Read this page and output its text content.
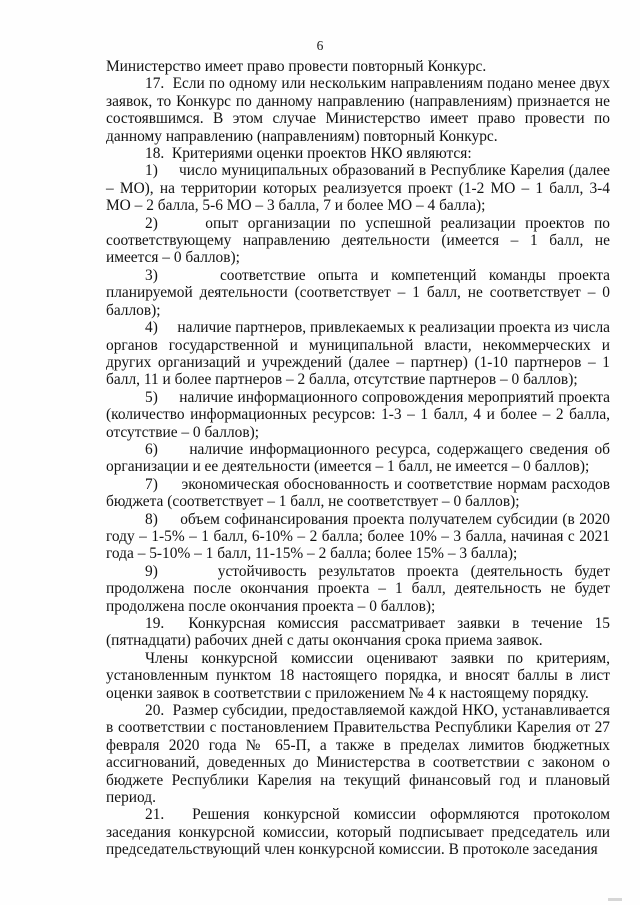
6

Министерство имеет право провести повторный Конкурс.

17.  Если по одному или нескольким направлениям подано менее двух заявок, то Конкурс по данному направлению (направлениям) признается не состоявшимся. В этом случае Министерство имеет право провести по данному направлению (направлениям) повторный Конкурс.

18.  Критериями оценки проектов НКО являются:

1)     число муниципальных образований в Республике Карелия (далее – МО), на территории которых реализуется проект (1-2 МО – 1 балл, 3-4 МО – 2 балла, 5-6 МО – 3 балла, 7 и более МО – 4 балла);

2)     опыт организации по успешной реализации проектов по соответствующему направлению деятельности (имеется – 1 балл, не имеется – 0 баллов);

3)     соответствие опыта и компетенций команды проекта планируемой деятельности (соответствует – 1 балл, не соответствует – 0 баллов);

4)     наличие партнеров, привлекаемых к реализации проекта из числа органов государственной и муниципальной власти, некоммерческих и других организаций и учреждений (далее – партнер) (1-10 партнеров – 1 балл, 11 и более партнеров – 2 балла, отсутствие партнеров – 0 баллов);

5)     наличие информационного сопровождения мероприятий проекта (количество информационных ресурсов: 1-3 – 1 балл, 4 и более – 2 балла, отсутствие – 0 баллов);

6)     наличие информационного ресурса, содержащего сведения об организации и ее деятельности (имеется – 1 балл, не имеется – 0 баллов);

7)     экономическая обоснованность и соответствие нормам расходов бюджета (соответствует – 1 балл, не соответствует – 0 баллов);

8)     объем софинансирования проекта получателем субсидии (в 2020 году – 1-5% – 1 балл, 6-10% – 2 балла; более 10% – 3 балла, начиная с 2021 года – 5-10% – 1 балл, 11-15% – 2 балла; более 15% – 3 балла);

9)     устойчивость результатов проекта (деятельность будет продолжена после окончания проекта – 1 балл, деятельность не будет продолжена после окончания проекта – 0 баллов);

19.  Конкурсная комиссия рассматривает заявки в течение 15 (пятнадцати) рабочих дней с даты окончания срока приема заявок.

Члены конкурсной комиссии оценивают заявки по критериям, установленным пунктом 18 настоящего порядка, и вносят баллы в лист оценки заявок в соответствии с приложением № 4 к настоящему порядку.

20.  Размер субсидии, предоставляемой каждой НКО, устанавливается в соответствии с постановлением Правительства Республики Карелия от 27 февраля 2020 года № 65-П, а также в пределах лимитов бюджетных ассигнований, доведенных до Министерства в соответствии с законом о бюджете Республики Карелия на текущий финансовый год и плановый период.

21.  Решения конкурсной комиссии оформляются протоколом заседания конкурсной комиссии, который подписывает председатель или председательствующий член конкурсной комиссии. В протоколе заседания
